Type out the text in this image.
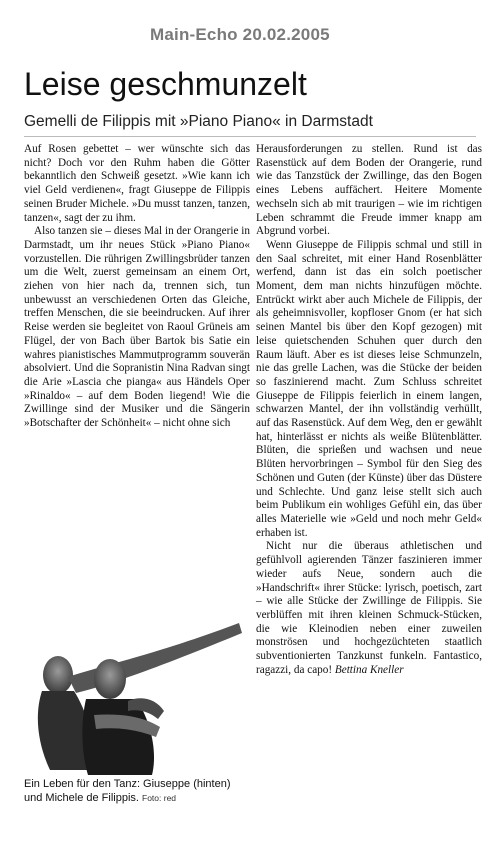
Main-Echo 20.02.2005
Leise geschmunzelt
Gemelli de Filippis mit »Piano Piano« in Darmstadt

Auf Rosen gebettet – wer wünschte sich das nicht? Doch vor den Ruhm haben die Götter bekanntlich den Schweiß gesetzt. »Wie kann ich viel Geld verdienen«, fragt Giuseppe de Filippis seinen Bruder Michele. »Du musst tanzen, tanzen, tanzen«, sagt der zu ihm.

Also tanzen sie – dieses Mal in der Orangerie in Darmstadt, um ihr neues Stück »Piano Piano« vorzustellen. Die rührigen Zwillingsbrüder tanzen um die Welt, zuerst gemeinsam an einem Ort, ziehen von hier nach da, trennen sich, tun unbewusst an verschiedenen Orten das Gleiche, treffen Menschen, die sie beeindrucken. Auf ihrer Reise werden sie begleitet von Raoul Grüneis am Flügel, der von Bach über Bartok bis Satie ein wahres pianistisches Mammutprogramm souverän absolviert. Und die Sopranistin Nina Radvan singt die Arie »Lascia che pianga« aus Händels Oper »Rinaldo« – auf dem Boden liegend! Wie die Zwillinge sind der Musiker und die Sängerin »Botschafter der Schönheit« – nicht ohne sich

Herausforderungen zu stellen. Rund ist das Rasenstück auf dem Boden der Orangerie, rund wie das Tanzstück der Zwillinge, das den Bogen eines Lebens auffächert. Heitere Momente wechseln sich ab mit traurigen – wie im richtigen Leben schrammt die Freude immer knapp am Abgrund vorbei.

Wenn Giuseppe de Filippis schmal und still in den Saal schreitet, mit einer Hand Rosenblätter werfend, dann ist das ein solch poetischer Moment, dem man nichts hinzufügen möchte. Entrückt wirkt aber auch Michele de Filippis, der als geheimnisvoller, kopfloser Gnom (er hat sich seinen Mantel bis über den Kopf gezogen) mit leise quietschenden Schuhen quer durch den Raum läuft. Aber es ist dieses leise Schmunzeln, nie das grelle Lachen, was die Stücke der beiden so faszinierend macht. Zum Schluss schreitet Giuseppe de Filippis feierlich in einem langen, schwarzen Mantel, der ihn vollständig verhüllt, auf das Rasenstück. Auf dem Weg, den er gewählt hat, hinterlässt er nichts als weiße Blütenblätter. Blüten, die sprießen und wachsen und neue Blüten hervorbringen – Symbol für den Sieg des Schönen und Guten (der Künste) über das Düstere und Schlechte. Und ganz leise stellt sich auch beim Publikum ein wohliges Gefühl ein, das über alles Materielle wie »Geld und noch mehr Geld« erhaben ist.

Nicht nur die überaus athletischen und gefühlvoll agierenden Tänzer faszinieren immer wieder aufs Neue, sondern auch die »Handschrift« ihrer Stücke: lyrisch, poetisch, zart – wie alle Stücke der Zwillinge de Filippis. Sie verblüffen mit ihren kleinen Schmuck-Stücken, die wie Kleinodien neben einer zuweilen monströsen und hochgezüchteten staatlich subventionierten Tanzkunst funkeln. Fantastico, ragazzi, da capo! Bettina Kneller

Ein Leben für den Tanz: Giuseppe (hinten) und Michele de Filippis. Foto: red
